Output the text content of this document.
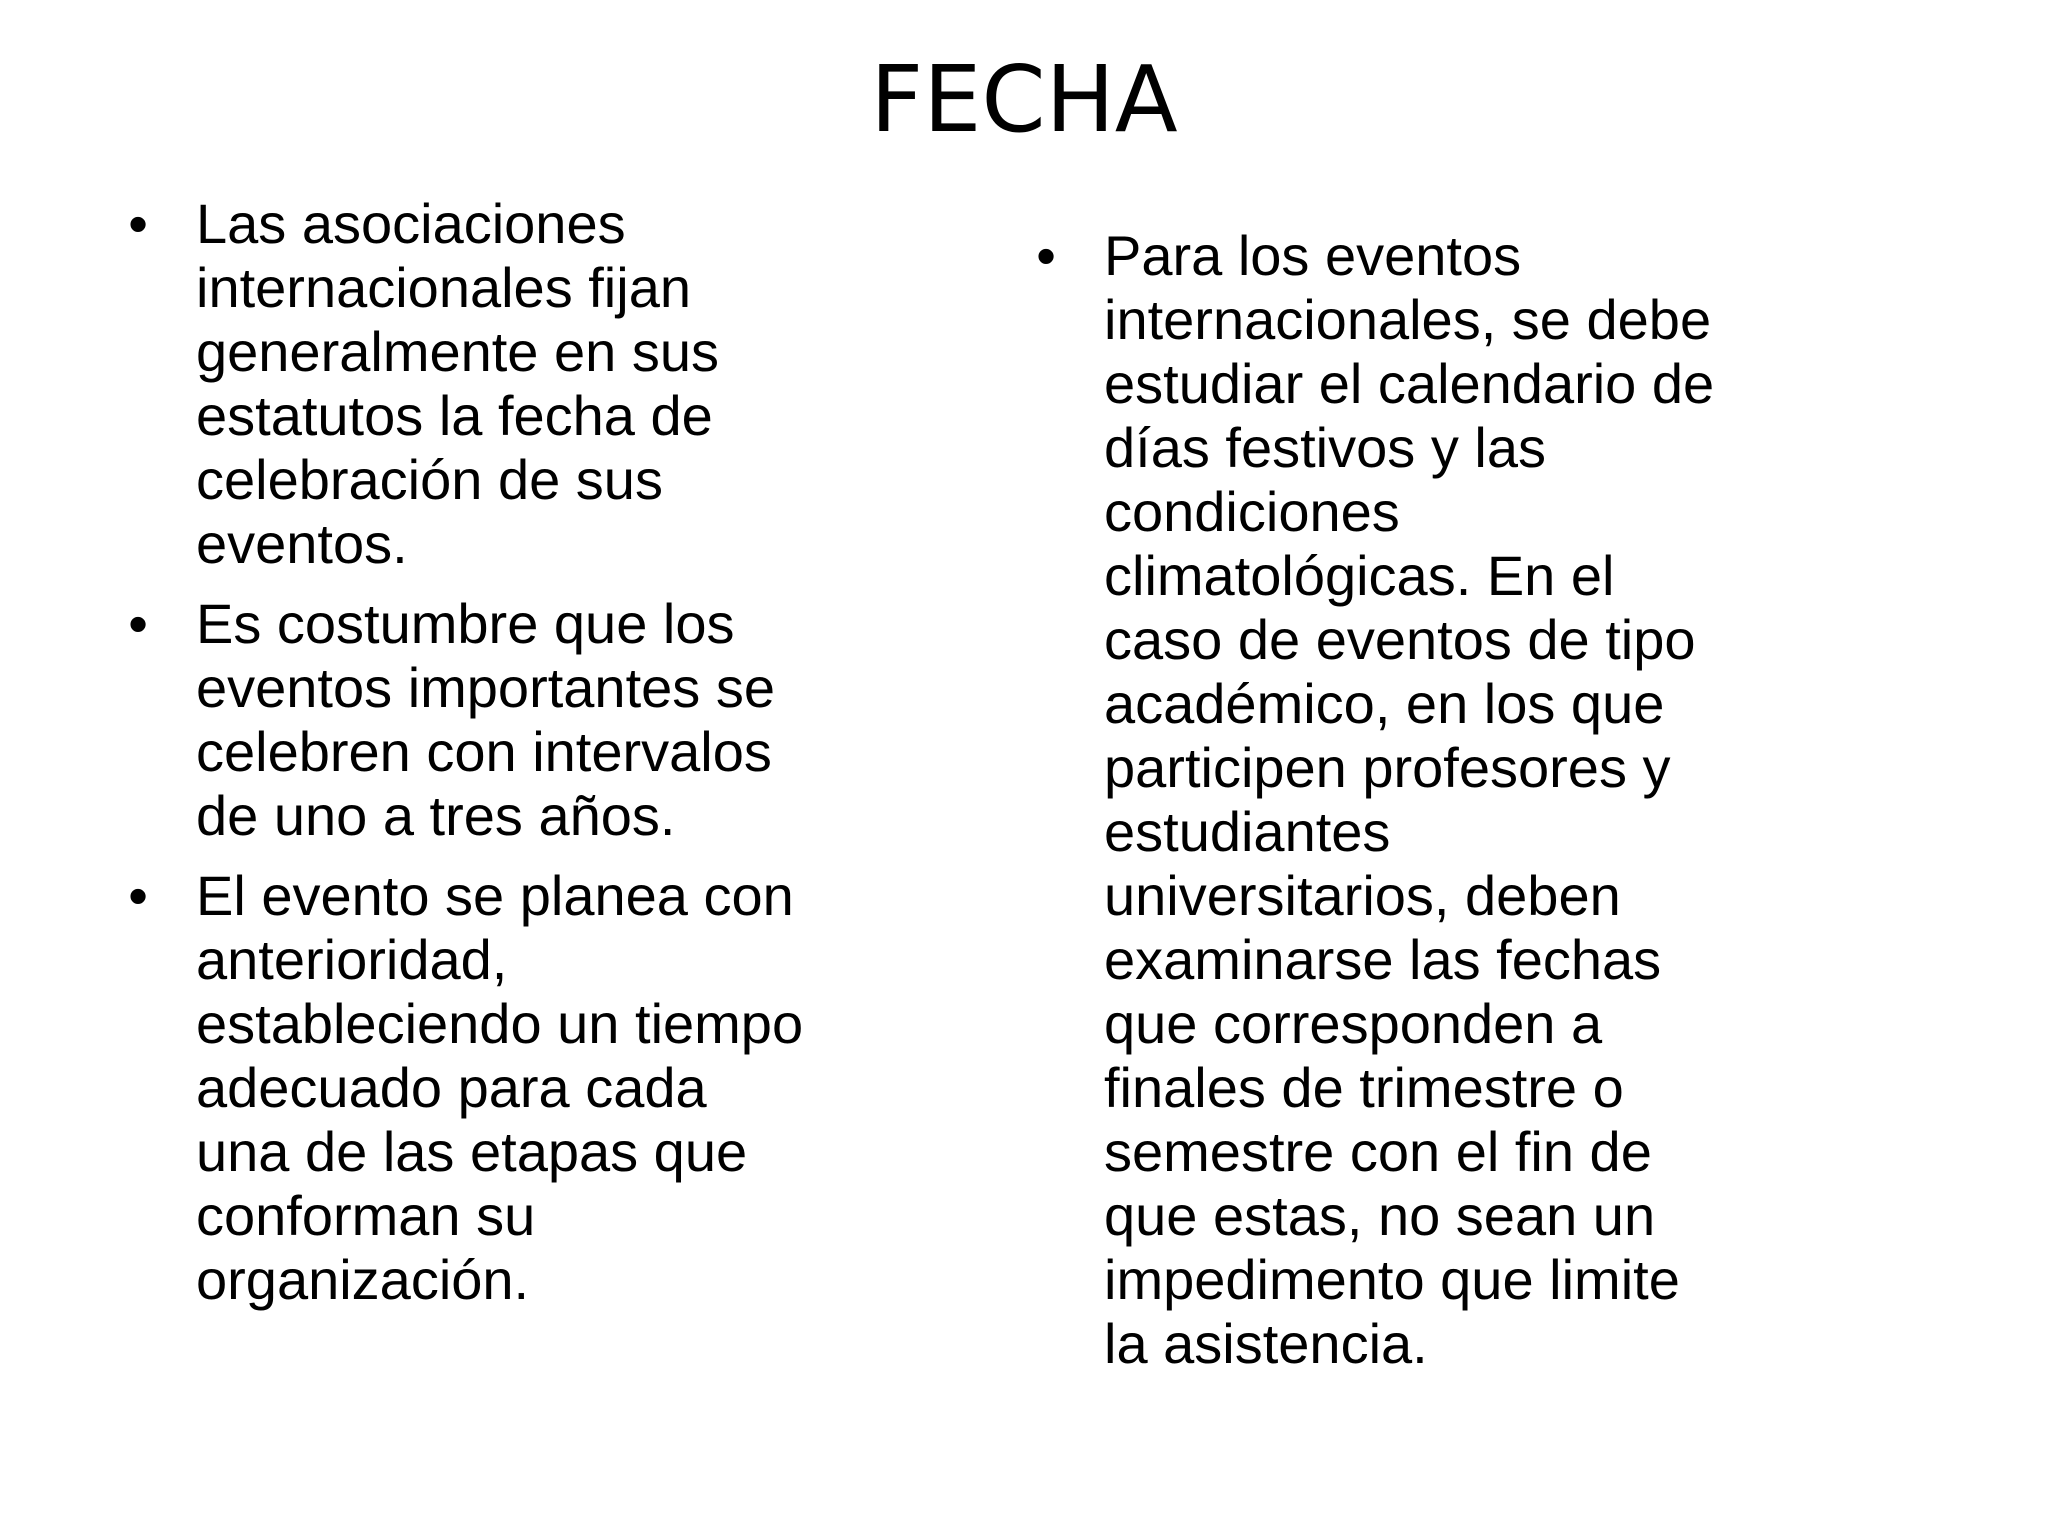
FECHA
• Las asociaciones
internacionales fijan
generalmente en sus
estatutos la fecha de
celebración de sus
eventos.
• Es costumbre que los
eventos importantes se
celebren con intervalos
de uno a tres años.
• El evento se planea con
anterioridad,
estableciendo un tiempo
adecuado para cada
una de las etapas que
conforman su
organización.
• Para los eventos
internacionales, se debe
estudiar el calendario de
días festivos y las
condiciones
climatológicas. En el
caso de eventos de tipo
académico, en los que
participen profesores y
estudiantes
universitarios, deben
examinarse las fechas
que corresponden a
finales de trimestre o
semestre con el fin de
que estas, no sean un
impedimento que limite
la asistencia.
